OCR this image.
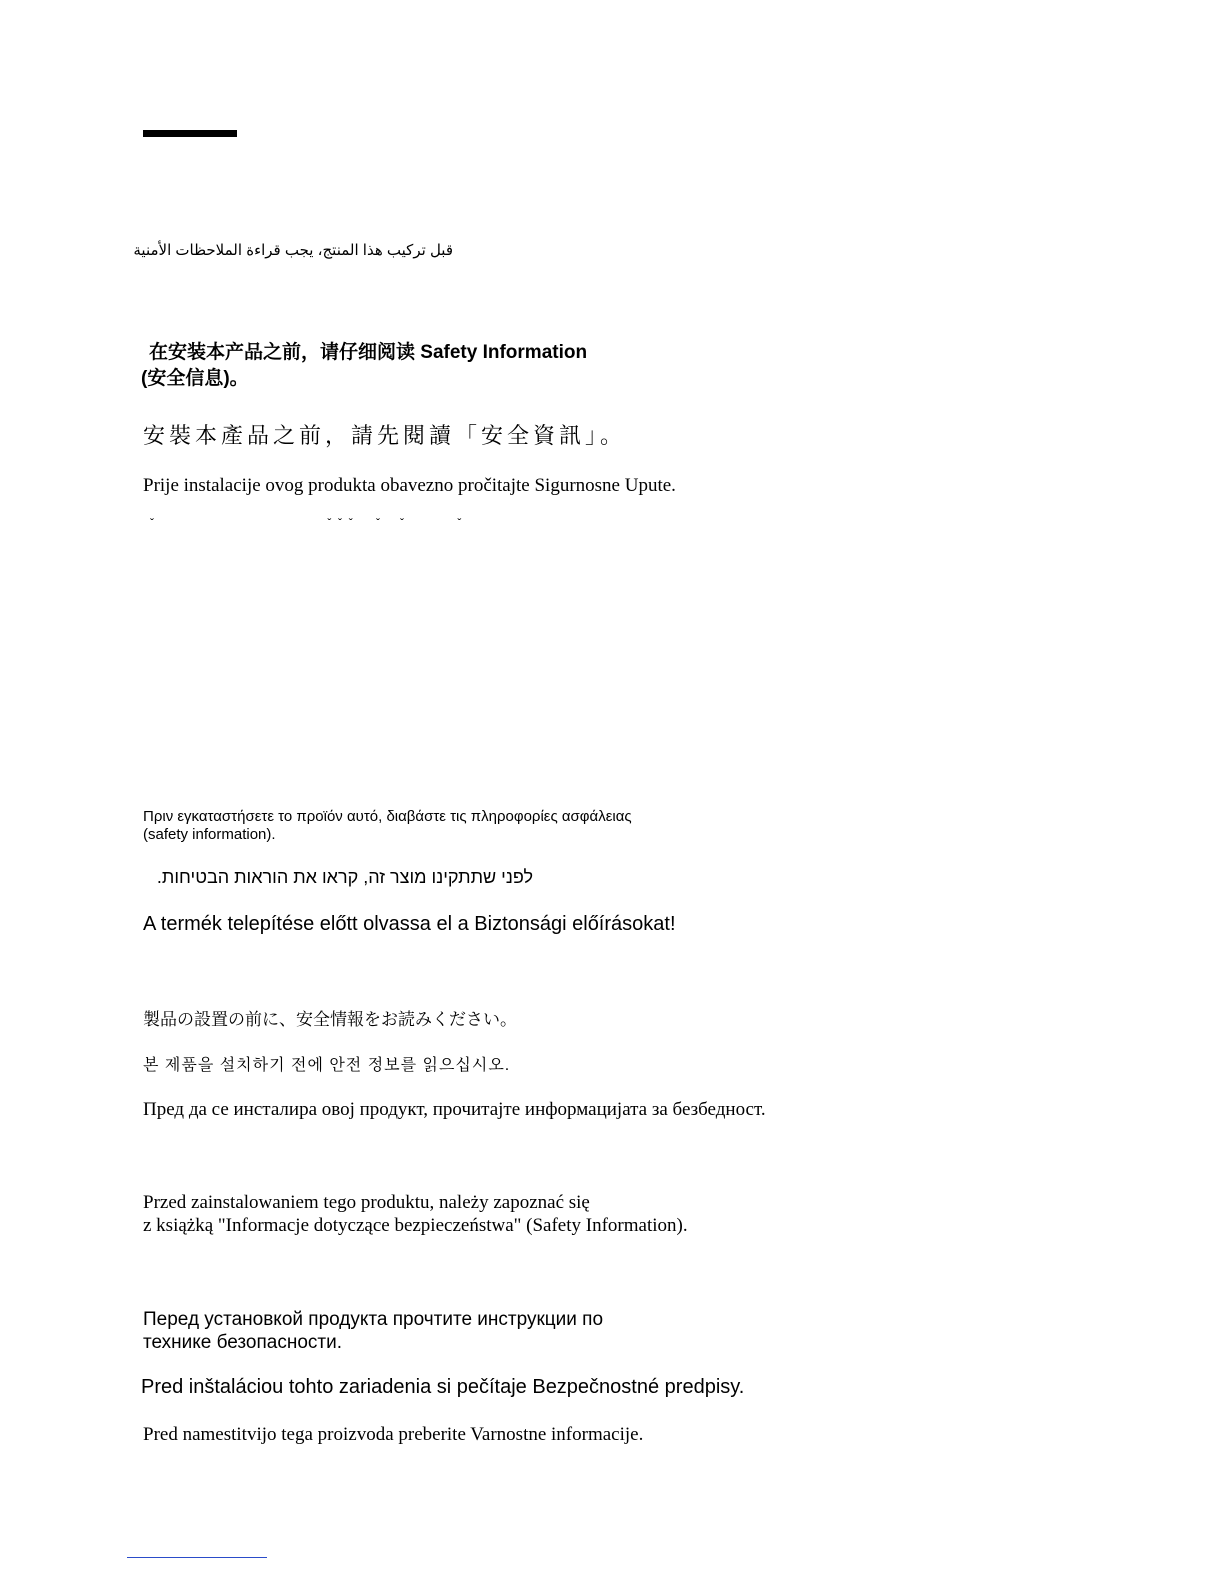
قبل تركيب هذا المنتج، يجب قراءة الملاحظات الأمنية
在安装本产品之前，请仔细阅读 Safety Information
(安全信息)。
安裝本產品之前，請先閱讀「安全資訊」。
Prije instalacije ovog produkta obavezno pročitajte Sigurnosne Upute.
ˇ                                                    ˇ  ˇ  ˇ       ˇ      ˇ                ˇ
Πριν εγκαταστήσετε το προϊόν αυτό, διαβάστε τις πληροφορίες ασφάλειας
(safety information).
לפני שתתקינו מוצר זה, קראו את הוראות הבטיחות.
A termék telepítése előtt olvassa el a Biztonsági előírásokat!
製品の設置の前に、安全情報をお読みください。
본 제품을 설치하기 전에 안전 정보를 읽으십시오.
Пред да се инсталира овој продукт, прочитајте информацијата за безбедност.
Przed zainstalowaniem tego produktu, należy zapoznać się
z książką "Informacje dotyczące bezpieczeństwa" (Safety Information).
Перед установкой продукта прочтите инструкции по
технике безопасности.
Pred inštaláciou tohto zariadenia si pečítaje Bezpečnostné predpisy.
Pred namestitvijo tega proizvoda preberite Varnostne informacije.
